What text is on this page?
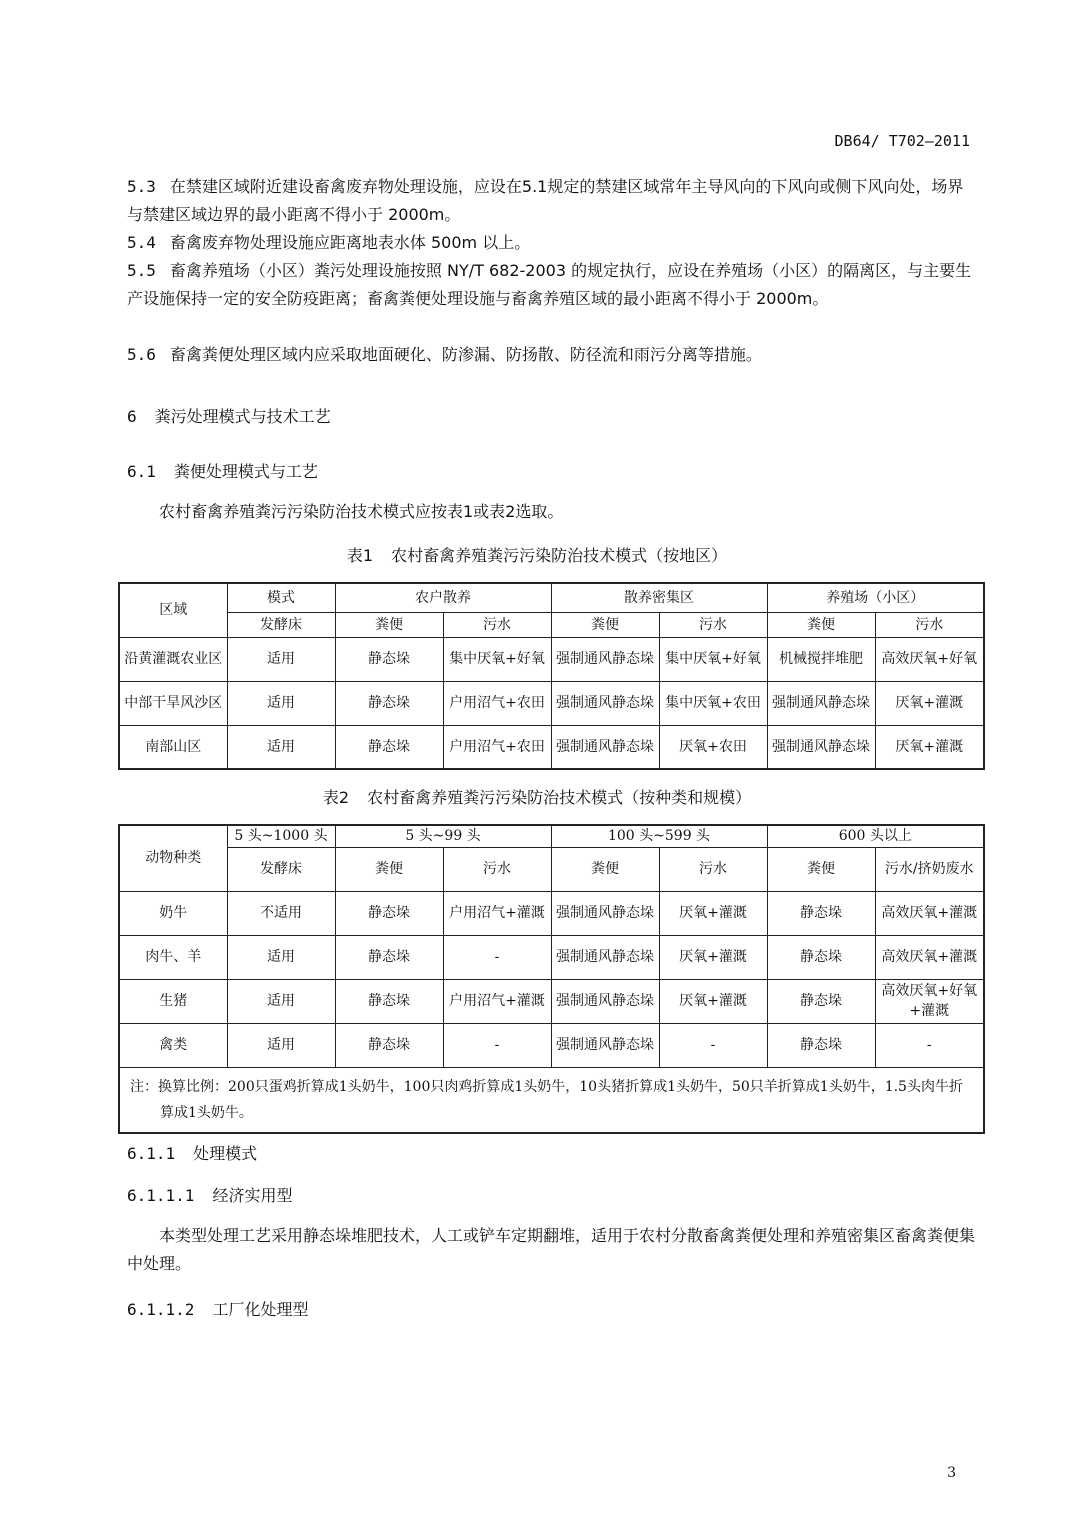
DB64/ T702—2011

5.3 在禁建区域附近建设畜禽废弃物处理设施，应设在5.1规定的禁建区域常年主导风向的下风向或侧下风向处，场界与禁建区域边界的最小距离不得小于 2000m。

5.4 畜禽废弃物处理设施应距离地表水体 500m 以上。

5.5 畜禽养殖场（小区）粪污处理设施按照 NY/T 682-2003 的规定执行，应设在养殖场（小区）的隔离区，与主要生产设施保持一定的安全防疫距离；畜禽粪便处理设施与畜禽养殖区域的最小距离不得小于 2000m。

5.6 畜禽粪便处理区域内应采取地面硬化、防渗漏、防扬散、防径流和雨污分离等措施。

6 粪污处理模式与技术工艺

6.1 粪便处理模式与工艺

农村畜禽养殖粪污污染防治技术模式应按表1或表2选取。

表1 农村畜禽养殖粪污污染防治技术模式（按地区）

区域	模式	农户散养		散养密集区		养殖场（小区）	
	发酵床	粪便	污水	粪便	污水	粪便	污水
沿黄灌溉农业区	适用	静态垛	集中厌氧+好氧	强制通风静态垛	集中厌氧+好氧	机械搅拌堆肥	高效厌氧+好氧
中部干旱风沙区	适用	静态垛	户用沼气+农田	强制通风静态垛	集中厌氧+农田	强制通风静态垛	厌氧+灌溉
南部山区	适用	静态垛	户用沼气+农田	强制通风静态垛	厌氧+农田	强制通风静态垛	厌氧+灌溉

表2 农村畜禽养殖粪污污染防治技术模式（按种类和规模）

动物种类	5 头~1000 头	5 头~99 头		100 头~599 头		600 头以上	
	发酵床	粪便	污水	粪便	污水	粪便	污水/挤奶废水
奶牛	不适用	静态垛	户用沼气+灌溉	强制通风静态垛	厌氧+灌溉	静态垛	高效厌氧+灌溉
肉牛、羊	适用	静态垛	-	强制通风静态垛	厌氧+灌溉	静态垛	高效厌氧+灌溉
生猪	适用	静态垛	户用沼气+灌溉	强制通风静态垛	厌氧+灌溉	静态垛	高效厌氧+好氧+灌溉
禽类	适用	静态垛	-	强制通风静态垛	-	静态垛	-
注：换算比例：200只蛋鸡折算成1头奶牛，100只肉鸡折算成1头奶牛，10头猪折算成1头奶牛，50只羊折算成1头奶牛，1.5头肉牛折算成1头奶牛。							

6.1.1 处理模式

6.1.1.1 经济实用型

本类型处理工艺采用静态垛堆肥技术，人工或铲车定期翻堆，适用于农村分散畜禽粪便处理和养殖密集区畜禽粪便集中处理。

6.1.1.2 工厂化处理型

3
